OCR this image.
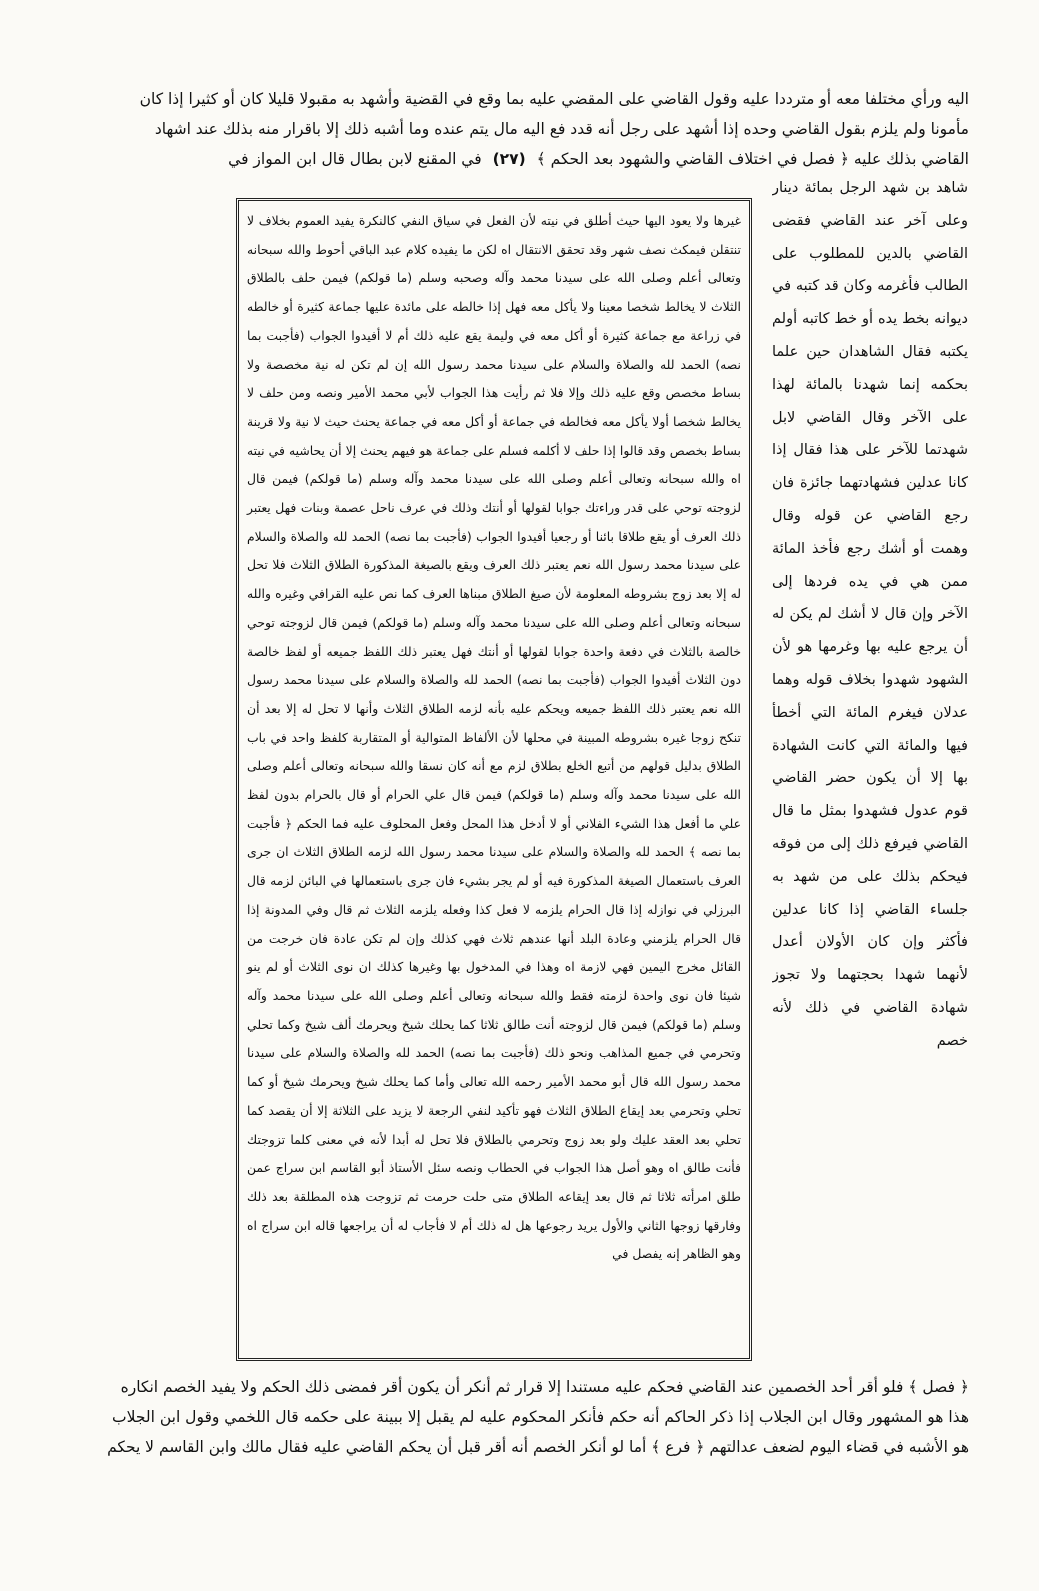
اليه ورأي مختلفا معه أو مترددا عليه وقول القاضي على المقضي عليه بما وقع في القضية وأشهد به مقبولا قليلا كان أو كثيرا إذا كان
مأمونا ولم يلزم بقول القاضي وحده إذا أشهد على رجل أنه قدد فع اليه مال يتم عنده وما أشبه ذلك إلا باقرار منه بذلك عند اشهاد
القاضي بذلك عليه ﴿ فصل في اختلاف القاضي والشهود بعد الحكم ﴾ (٢٧) في المقنع لابن بطال قال ابن المواز في
شاهد بن شهد الرجل بمائة دينار وعلى آخر عند القاضي فقضى القاضي بالدين للمطلوب على الطالب فأغرمه وكان قد كتبه في ديوانه بخط يده أو خط كاتبه أولم يكتبه فقال الشاهدان حين علما بحكمه إنما شهدنا بالمائة لهذا على الآخر وقال القاضي لابل شهدتما للآخر على هذا فقال إذا كانا عدلين فشهادتهما جائزة فان رجع القاضي عن قوله وقال وهمت أو أشك رجع فأخذ المائة ممن هي في يده فردها إلى الآخر وإن قال لا أشك لم يكن له أن يرجع عليه بها وغرمها هو لأن الشهود شهدوا بخلاف قوله وهما عدلان فيغرم المائة التي أخطأ فيها والمائة التي كانت الشهادة بها إلا أن يكون حضر القاضي قوم عدول فشهدوا بمثل ما قال القاضي فيرفع ذلك إلى من فوقه فيحكم بذلك على من شهد به جلساء القاضي إذا كانا عدلين فأكثر وإن كان الأولان أعدل لأنهما شهدا بحجتهما ولا تجوز شهادة القاضي في ذلك لأنه خصم
غيرها ولا يعود اليها حيث أطلق في نيته لأن الفعل في سياق النفي كالنكرة يفيد العموم بخلاف لا تنتقلن فيمكث نصف شهر وقد تحقق الانتقال اه لكن ما يفيده كلام عبد الباقي أحوط والله سبحانه وتعالى أعلم وصلى الله على سيدنا محمد وآله وصحبه وسلم (ما قولكم) فيمن حلف بالطلاق الثلاث لا يخالط شخصا معينا ولا يأكل معه فهل إذا خالطه على مائدة عليها جماعة كثيرة أو خالطه في زراعة مع جماعة كثيرة أو أكل معه في وليمة يقع عليه ذلك أم لا أفيدوا الجواب (فأجبت بما نصه) الحمد لله والصلاة والسلام على سيدنا محمد رسول الله إن لم تكن له نية مخصصة ولا بساط مخصص وقع عليه ذلك وإلا فلا ثم رأيت هذا الجواب لأبي محمد الأمير ونصه ومن حلف لا يخالط شخصا أولا يأكل معه فخالطه في جماعة أو أكل معه في جماعة يحنث حيث لا نية ولا قرينة بساط بخصص وقد قالوا إذا حلف لا أكلمه فسلم على جماعة هو فيهم يحنث إلا أن يحاشيه في نيته اه والله سبحانه وتعالى أعلم وصلى الله على سيدنا محمد وآله وسلم (ما قولكم) فيمن قال لزوجته توحي على قدر وراءتك جوابا لقولها أو أنتك وذلك في عرف ناحل عصمة وبنات فهل يعتبر ذلك العرف أو يقع طلاقا بائنا أو رجعيا أفيدوا الجواب (فأجبت بما نصه) الحمد لله والصلاة والسلام على سيدنا محمد رسول الله نعم يعتبر ذلك العرف ويقع بالصيغة المذكورة الطلاق الثلاث فلا تحل له إلا بعد زوج بشروطه المعلومة لأن صيغ الطلاق مبناها العرف كما نص عليه القرافي وغيره والله سبحانه وتعالى أعلم وصلى الله على سيدنا محمد وآله وسلم (ما قولكم) فيمن قال لزوجته توحي خالصة بالثلاث في دفعة واحدة جوابا لقولها أو أنتك فهل يعتبر ذلك اللفظ جميعه أو لفظ خالصة دون الثلاث أفيدوا الجواب (فأجبت بما نصه) الحمد لله والصلاة والسلام على سيدنا محمد رسول الله نعم يعتبر ذلك اللفظ جميعه ويحكم عليه بأنه لزمه الطلاق الثلاث وأنها لا تحل له إلا بعد أن تنكح زوجا غيره بشروطه المبينة في محلها لأن الألفاظ المتوالية أو المتقاربة كلفظ واحد في باب الطلاق بدليل قولهم من أتبع الخلع بطلاق لزم مع أنه كان نسقا والله سبحانه وتعالى أعلم وصلى الله على سيدنا محمد وآله وسلم (ما قولكم) فيمن قال علي الحرام أو قال بالحرام بدون لفظ علي ما أفعل هذا الشيء الفلاني أو لا أدخل هذا المحل وفعل المحلوف عليه فما الحكم ﴿ فأجبت بما نصه ﴾ الحمد لله والصلاة والسلام على سيدنا محمد رسول الله لزمه الطلاق الثلاث ان جرى العرف باستعمال الصيغة المذكورة فيه أو لم يجر بشيء فان جرى باستعمالها في البائن لزمه قال البرزلي في نوازله إذا قال الحرام يلزمه لا فعل كذا وفعله يلزمه الثلاث ثم قال وفي المدونة إذا قال الحرام يلزمني وعادة البلد أنها عندهم ثلاث فهي كذلك وإن لم تكن عادة فان خرجت من القائل مخرج اليمين فهي لازمة اه وهذا في المدخول بها وغيرها كذلك ان نوى الثلاث أو لم ينو شيئا فان نوى واحدة لزمته فقط والله سبحانه وتعالى أعلم وصلى الله على سيدنا محمد وآله وسلم (ما قولكم) فيمن قال لزوجته أنت طالق ثلاثا كما يحلك شيخ ويحرمك ألف شيخ وكما تحلي وتحرمي في جميع المذاهب ونحو ذلك (فأجبت بما نصه) الحمد لله والصلاة والسلام على سيدنا محمد رسول الله قال أبو محمد الأمير رحمه الله تعالى وأما كما يحلك شيخ ويحرمك شيخ أو كما تحلي وتحرمي بعد إيقاع الطلاق الثلاث فهو تأكيد لنفي الرجعة لا يزيد على الثلاثة إلا أن يقصد كما تحلي بعد العقد عليك ولو بعد زوج وتحرمي بالطلاق فلا تحل له أبدا لأنه في معنى كلما تزوجتك فأنت طالق اه وهو أصل هذا الجواب في الحطاب ونصه سئل الأستاذ أبو القاسم ابن سراج عمن طلق امرأته ثلاثا ثم قال بعد إيقاعه الطلاق متى حلت حرمت ثم تزوجت هذه المطلقة بعد ذلك وفارقها زوجها الثاني والأول يريد رجوعها هل له ذلك أم لا فأجاب له أن يراجعها قاله ابن سراج اه وهو الظاهر إنه يفصل في
﴿ فصل ﴾ فلو أقر أحد الخصمين عند القاضي فحكم عليه مستندا إلا قرار ثم أنكر أن يكون أقر فمضى ذلك الحكم ولا يفيد الخصم انكاره
هذا هو المشهور وقال ابن الجلاب إذا ذكر الحاكم أنه حكم فأنكر المحكوم عليه لم يقبل إلا ببينة على حكمه قال اللخمي وقول ابن الجلاب
هو الأشبه في قضاء اليوم لضعف عدالتهم ﴿ فرع ﴾ أما لو أنكر الخصم أنه أقر قبل أن يحكم القاضي عليه فقال مالك وابن القاسم لا يحكم
